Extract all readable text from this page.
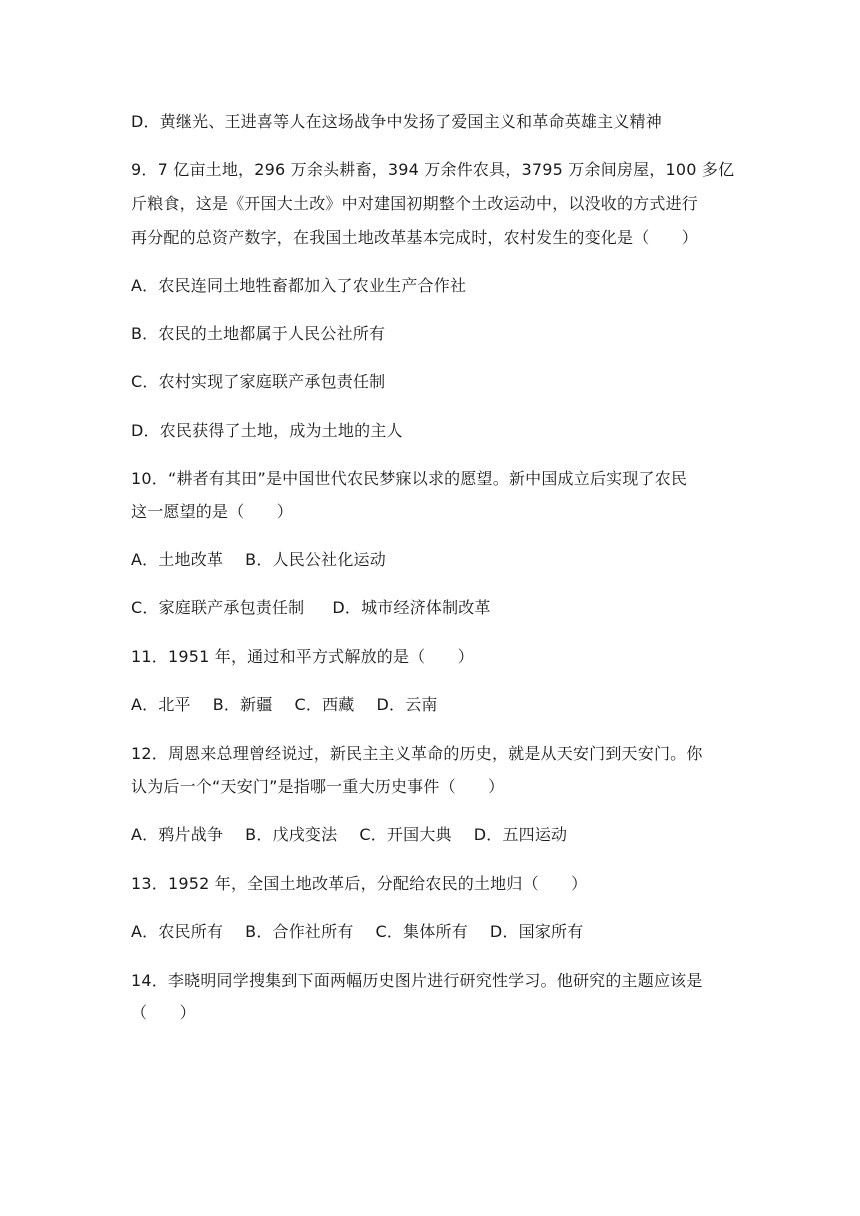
D．黄继光、王进喜等人在这场战争中发扬了爱国主义和革命英雄主义精神
9．7 亿亩土地，296 万余头耕畜，394 万余件农具，3795 万余间房屋，100 多亿
斤粮食，这是《开国大土改》中对建国初期整个土改运动中，以没收的方式进行
再分配的总资产数字，在我国土地改革基本完成时，农村发生的变化是（　　）
A．农民连同土地牲畜都加入了农业生产合作社
B．农民的土地都属于人民公社所有
C．农村实现了家庭联产承包责任制
D．农民获得了土地，成为土地的主人
10．“耕者有其田”是中国世代农民梦寐以求的愿望。新中国成立后实现了农民
这一愿望的是（　　）
A．土地改革 B．人民公社化运动
C．家庭联产承包责任制 D．城市经济体制改革
11．1951 年，通过和平方式解放的是（　　）
A．北平 B．新疆 C．西藏 D．云南
12．周恩来总理曾经说过，新民主主义革命的历史，就是从天安门到天安门。你
认为后一个“天安门”是指哪一重大历史事件（　　）
A．鸦片战争 B．戊戌变法 C．开国大典 D．五四运动
13．1952 年，全国土地改革后，分配给农民的土地归（　　）
A．农民所有 B．合作社所有 C．集体所有 D．国家所有
14．李晓明同学搜集到下面两幅历史图片进行研究性学习。他研究的主题应该是
（　　）
